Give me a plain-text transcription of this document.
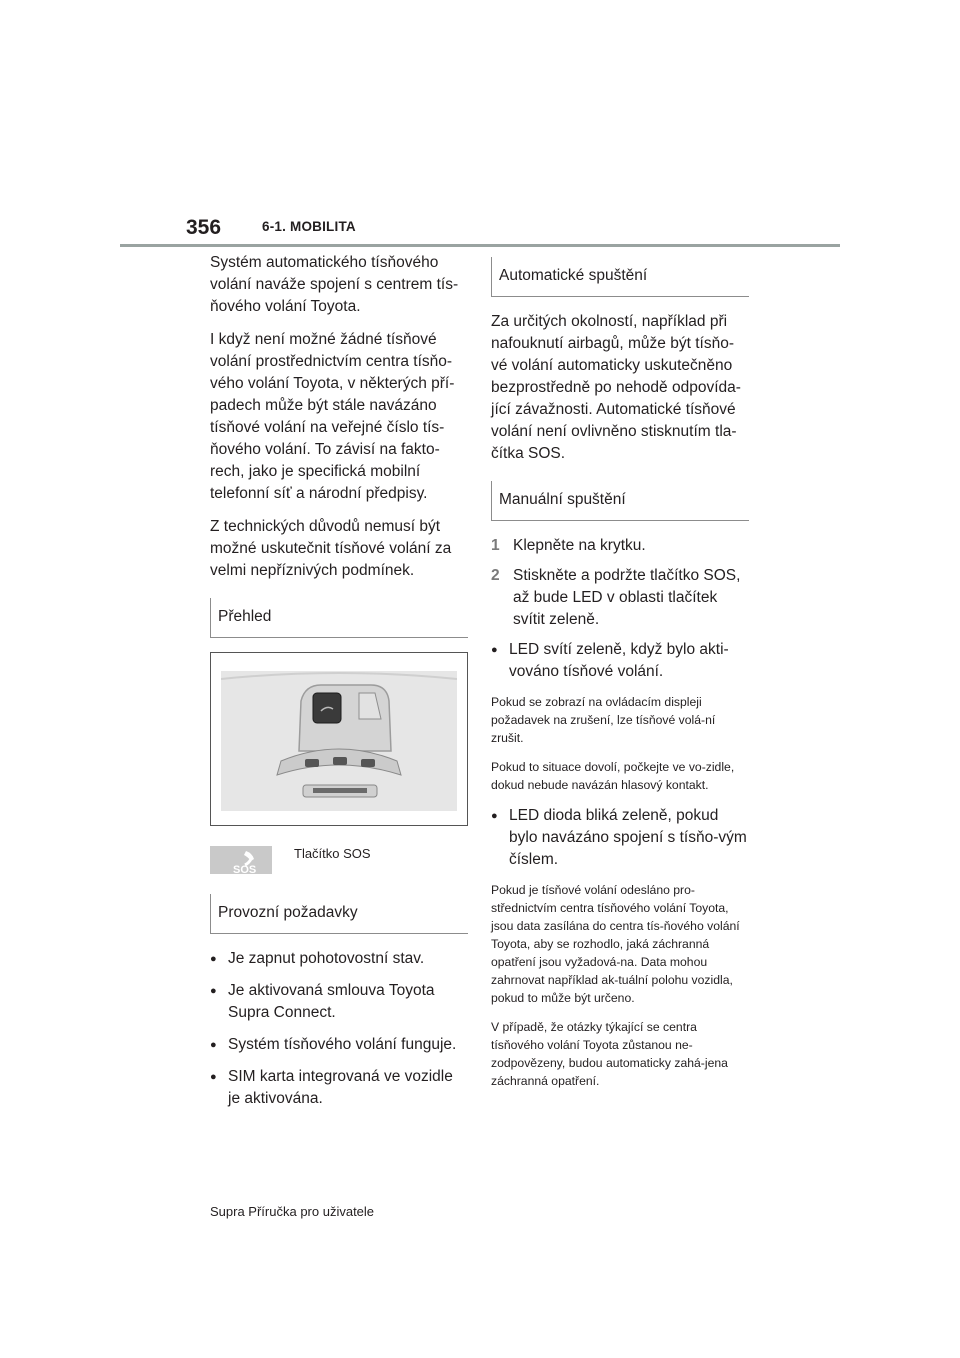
356	6-1. MOBILITA

Systém automatického tísňového volání naváže spojení s centrem tís-ňového volání Toyota.

I když není možné žádné tísňové volání prostřednictvím centra tísňo-vého volání Toyota, v některých pří-padech může být stále navázáno tísňové volání na veřejné číslo tís-ňového volání. To závisí na fakto-rech, jako je specifická mobilní telefonní síť a národní předpisy.

Z technických důvodů nemusí být možné uskutečnit tísňové volání za velmi nepříznivých podmínek.

Přehled
SOS
Tlačítko SOS
Provozní požadavky
● Je zapnut pohotovostní stav.
● Je aktivovaná smlouva Toyota Supra Connect.
● Systém tísňového volání funguje.
● SIM karta integrovaná ve vozidle je aktivována.
Automatické spuštění

Za určitých okolností, například při nafouknutí airbagů, může být tísňo-vé volání automaticky uskutečněno bezprostředně po nehodě odpovída-jící závažnosti. Automatické tísňové volání není ovlivněno stisknutím tla-čítka SOS.

Manuální spuštění
1 Klepněte na krytku.
2 Stiskněte a podržte tlačítko SOS, až bude LED v oblasti tlačítek svítit zeleně.
● LED svítí zeleně, když bylo akti-vováno tísňové volání.

Pokud se zobrazí na ovládacím displeji požadavek na zrušení, lze tísňové volá-ní zrušit.

Pokud to situace dovolí, počkejte ve vo-zidle, dokud nebude navázán hlasový kontakt.

● LED dioda bliká zeleně, pokud bylo navázáno spojení s tísňo-vým číslem.

Pokud je tísňové volání odesláno pro-střednictvím centra tísňového volání Toyota, jsou data zasílána do centra tís-ňového volání Toyota, aby se rozhodlo, jaká záchranná opatření jsou vyžadová-na. Data mohou zahrnovat například ak-tuální polohu vozidla, pokud to může být určeno.

V případě, že otázky týkající se centra tísňového volání Toyota zůstanou ne-zodpovězeny, budou automaticky zahá-jena záchranná opatření.

Supra Příručka pro uživatele
